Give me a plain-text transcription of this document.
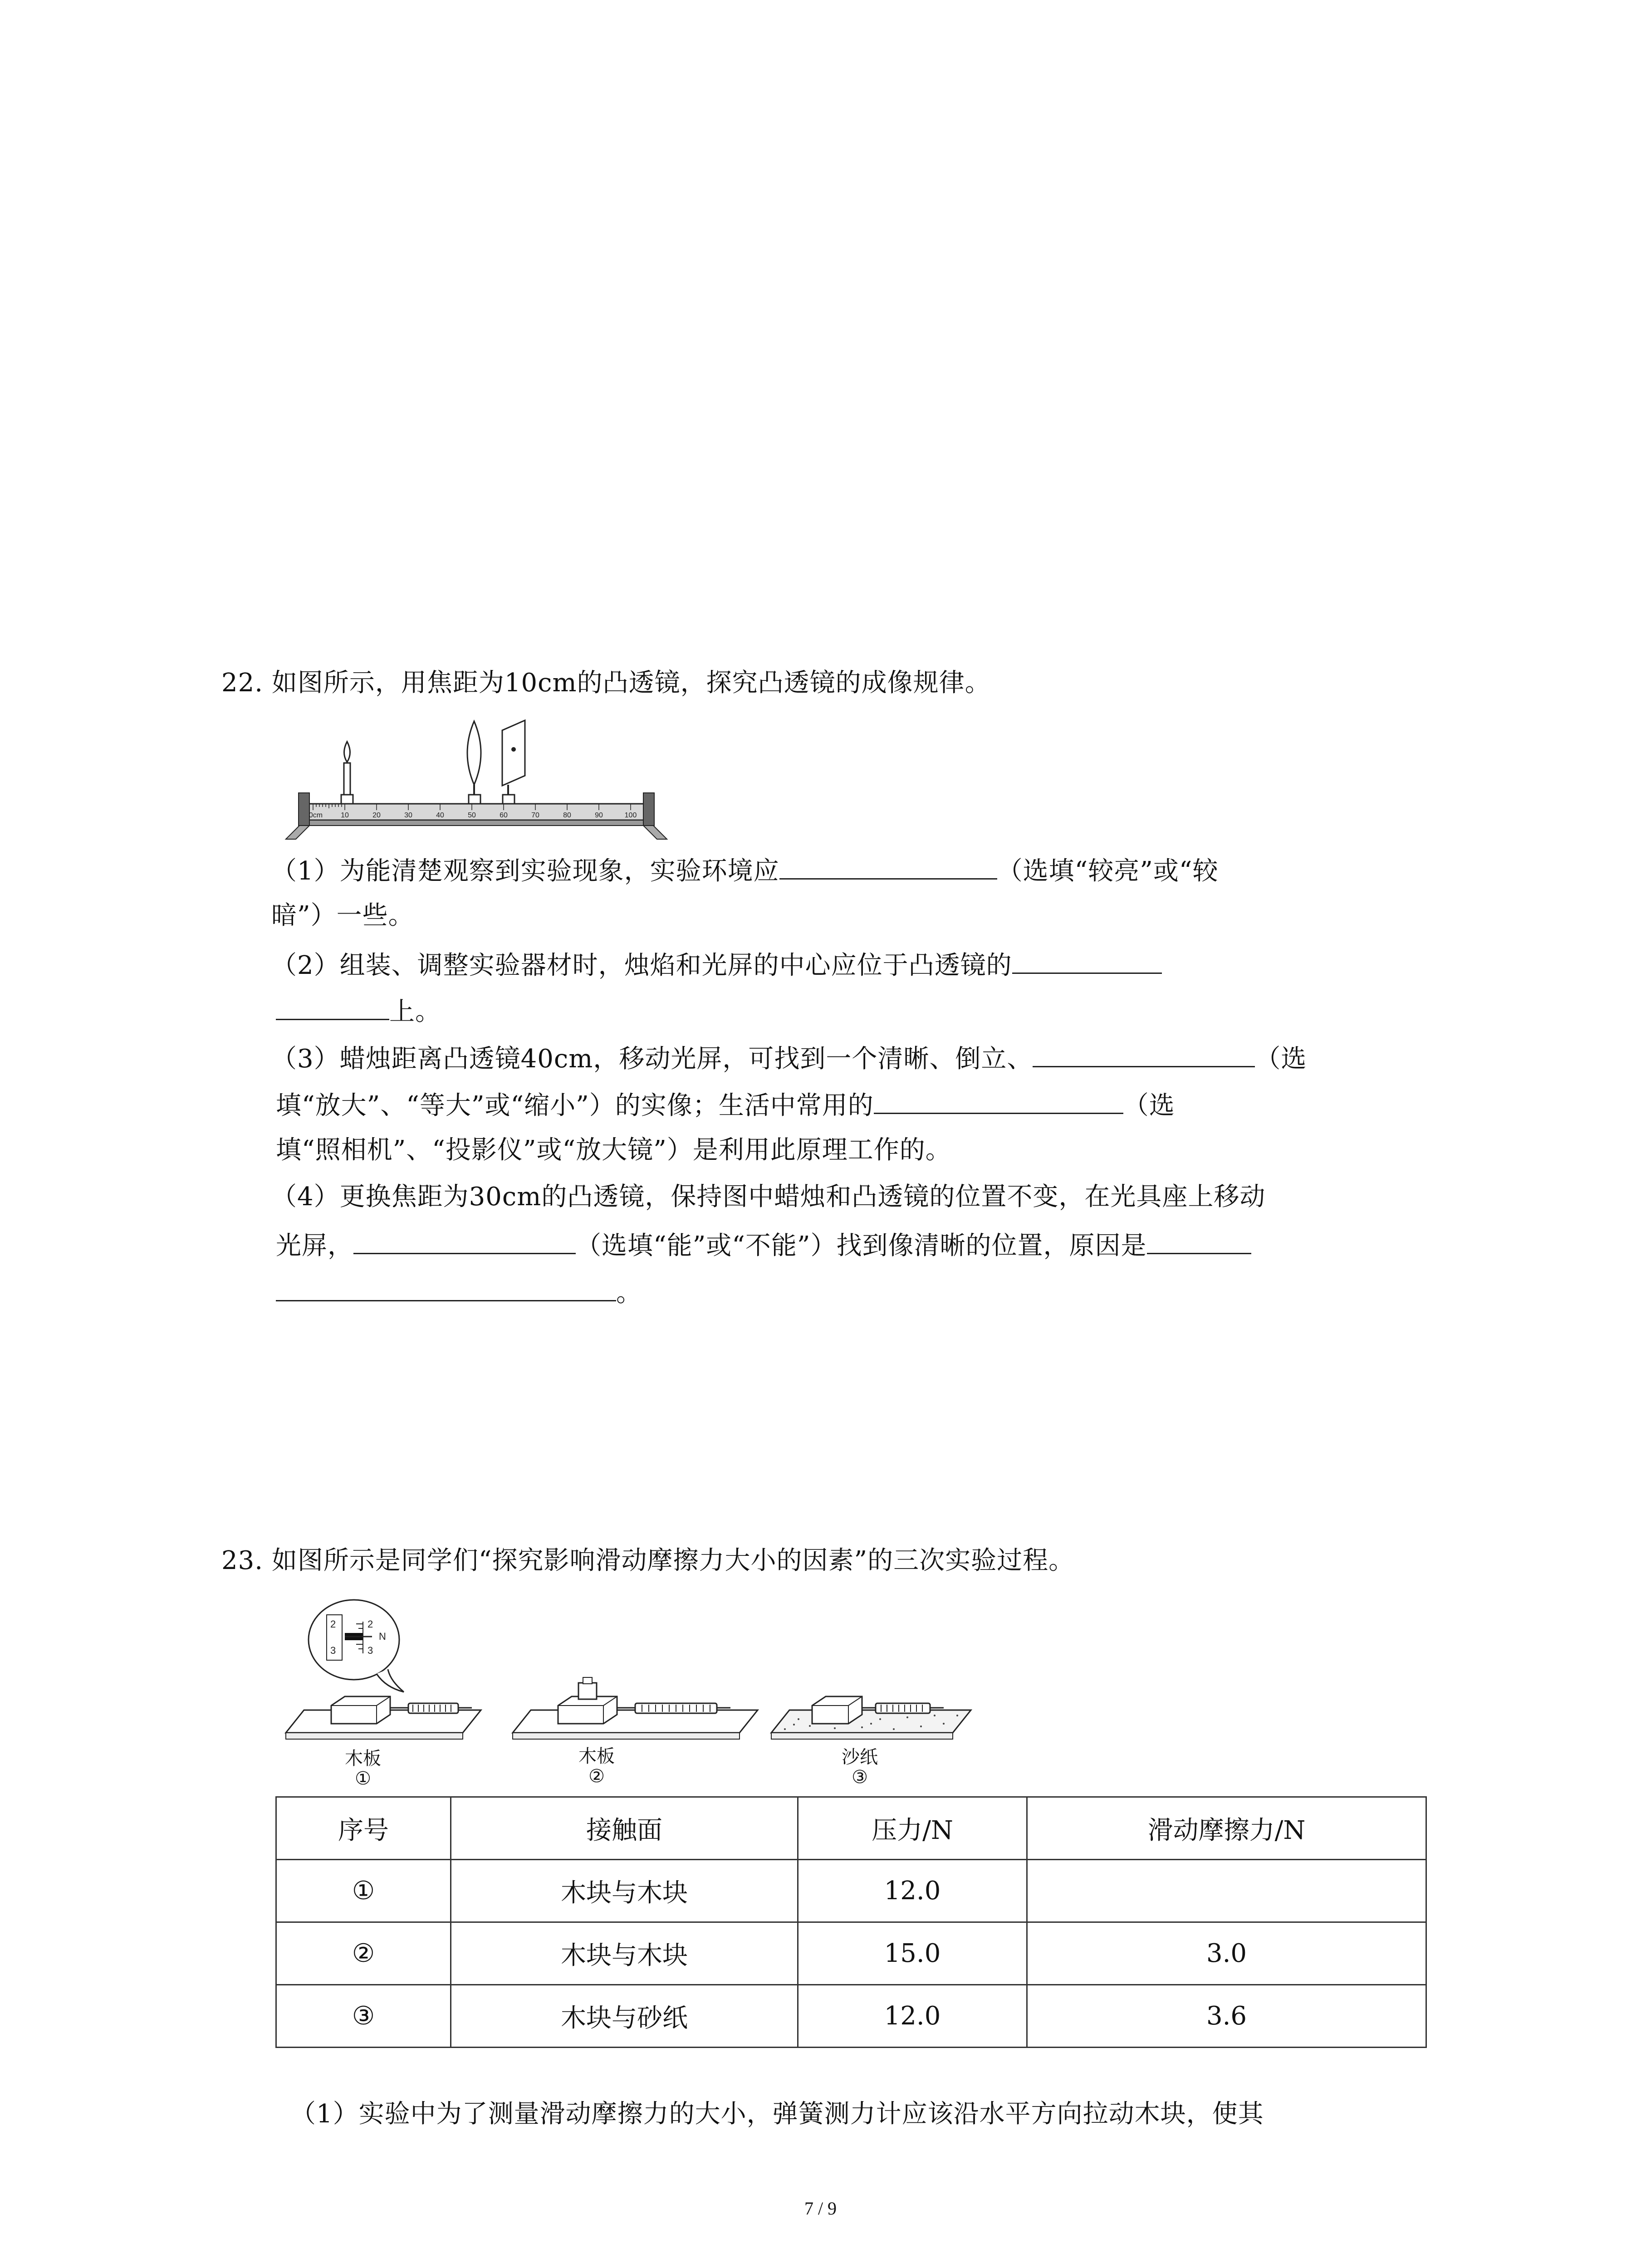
22. 如图所示，用焦距为10cm的凸透镜，探究凸透镜的成像规律。
0cm 10	20	30	40	50	60	70	80	90	100
（1）为能清楚观察到实验现象，实验环境应	（选填“较亮”或“较
暗”）一些。
（2）组装、调整实验器材时，烛焰和光屏的中心应位于凸透镜的
上。
（3）蜡烛距离凸透镜40cm，移动光屏，可找到一个清晰、倒立、	（选
填“放大”、“等大”或“缩小”）的实像；生活中常用的	（选
填“照相机”、“投影仪”或“放大镜”）是利用此原理工作的。
（4）更换焦距为30cm的凸透镜，保持图中蜡烛和凸透镜的位置不变，在光具座上移动
光屏，	（选填“能”或“不能”）找到像清晰的位置，原因是
。
23. 如图所示是同学们“探究影响滑动摩擦力大小的因素”的三次实验过程。
N
2
3
2
3
木板
①
木板
②
沙纸
③
序号	接触面	压力/N	滑动摩擦力/N
①	木块与木块	12.0	
②	木块与木块	15.0	3.0
③	木块与砂纸	12.0	3.6
（1）实验中为了测量滑动摩擦力的大小，弹簧测力计应该沿水平方向拉动木块，使其
7 / 9
